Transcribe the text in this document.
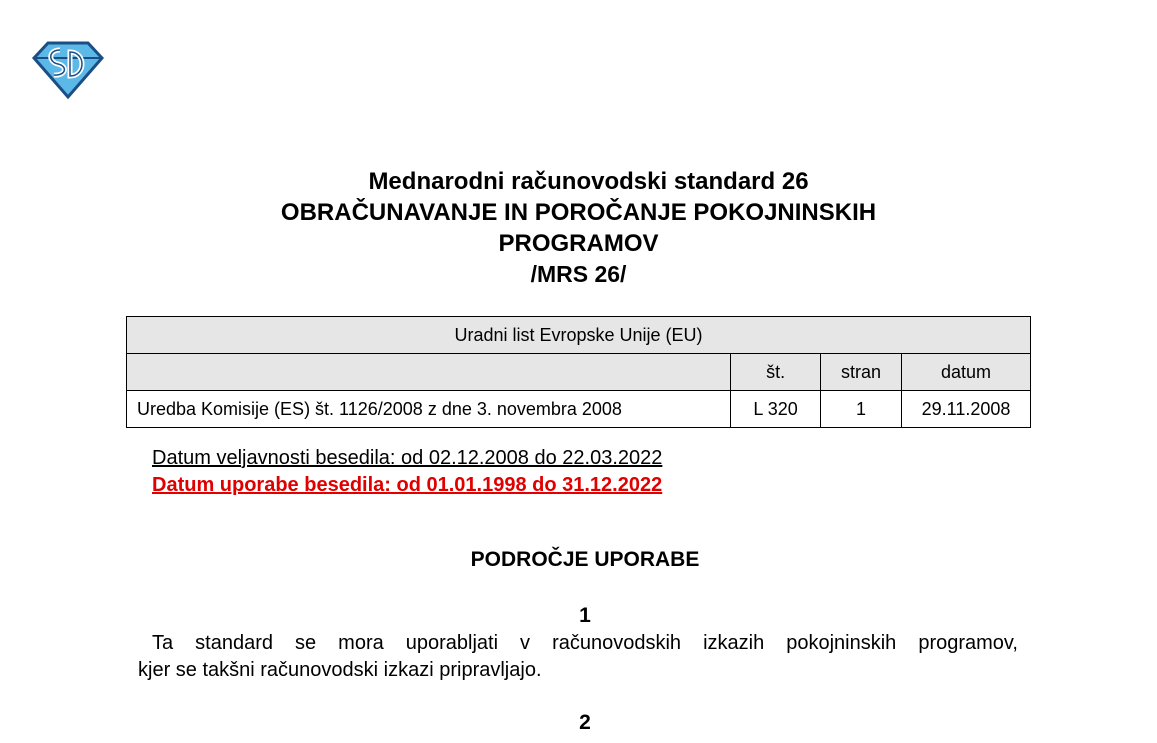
Mednarodni računovodski standard 26
OBRAČUNAVANJE IN POROČANJE POKOJNINSKIH
PROGRAMOV
/MRS 26/
Uradni list Evropske Unije (EU)			
	št.	stran	datum
Uredba Komisije (ES) št. 1126/2008 z dne 3. novembra 2008	L 320	1	29.11.2008
Datum veljavnosti besedila: od 02.12.2008 do 22.03.2022
Datum uporabe besedila: od 01.01.1998 do 31.12.2022
PODROČJE UPORABE
1
Ta standard se mora uporabljati v računovodskih izkazih pokojninskih programov,
kjer se takšni računovodski izkazi pripravljajo.
2
